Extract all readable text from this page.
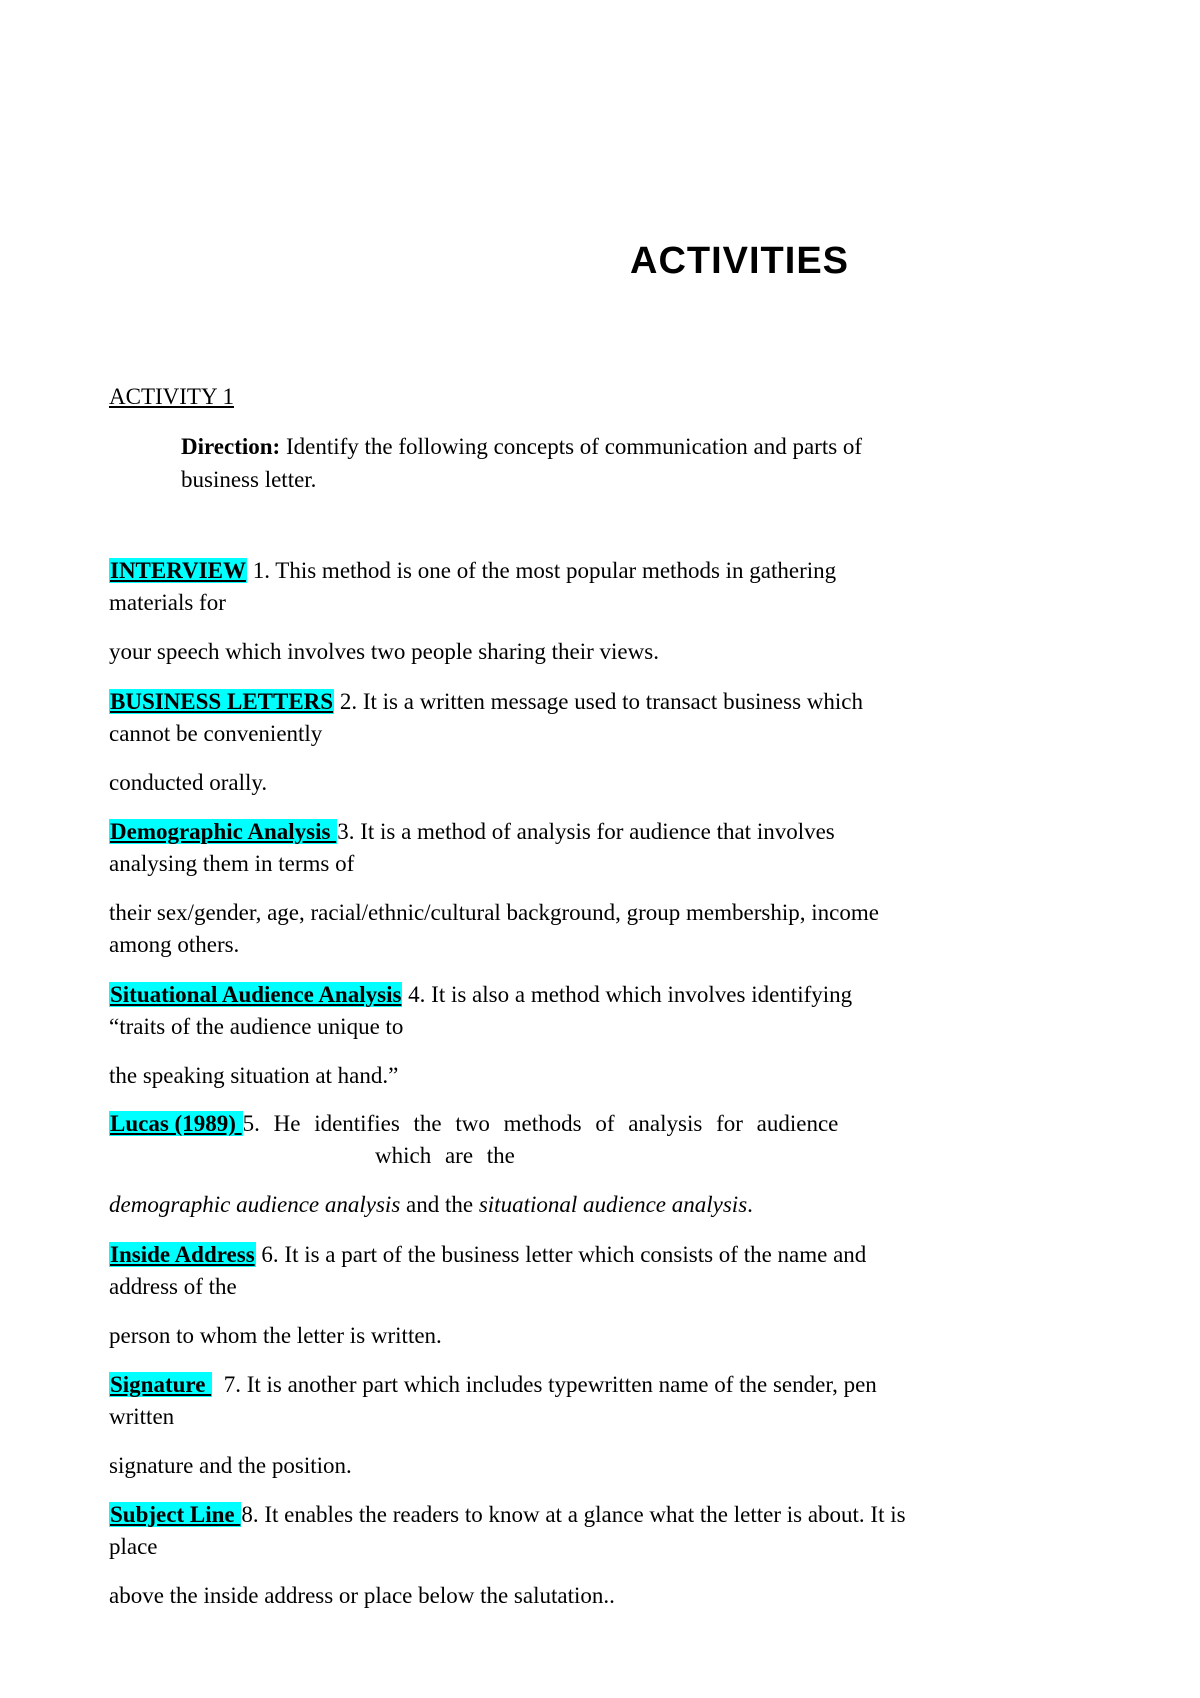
ACTIVITIES
ACTIVITY 1
Direction: Identify the following concepts of communication and parts of
business letter.
INTERVIEW 1. This method is one of the most popular methods in gathering
materials for
your speech which involves two people sharing their views.
BUSINESS LETTERS 2. It is a written message used to transact business which
cannot be conveniently
conducted orally.
Demographic Analysis 3. It is a method of analysis for audience that involves
analysing them in terms of
their sex/gender, age, racial/ethnic/cultural background, group membership, income
among others.
Situational Audience Analysis 4. It is also a method which involves identifying
“traits of the audience unique to
the speaking situation at hand.”
Lucas (1989) 5. He identifies the two methods of analysis for audience
which are the
demographic audience analysis and the situational audience analysis.
Inside Address 6. It is a part of the business letter which consists of the name and
address of the
person to whom the letter is written.
Signature   7. It is another part which includes typewritten name of the sender, pen
written
signature and the position.
Subject Line 8. It enables the readers to know at a glance what the letter is about. It is
place
above the inside address or place below the salutation..
